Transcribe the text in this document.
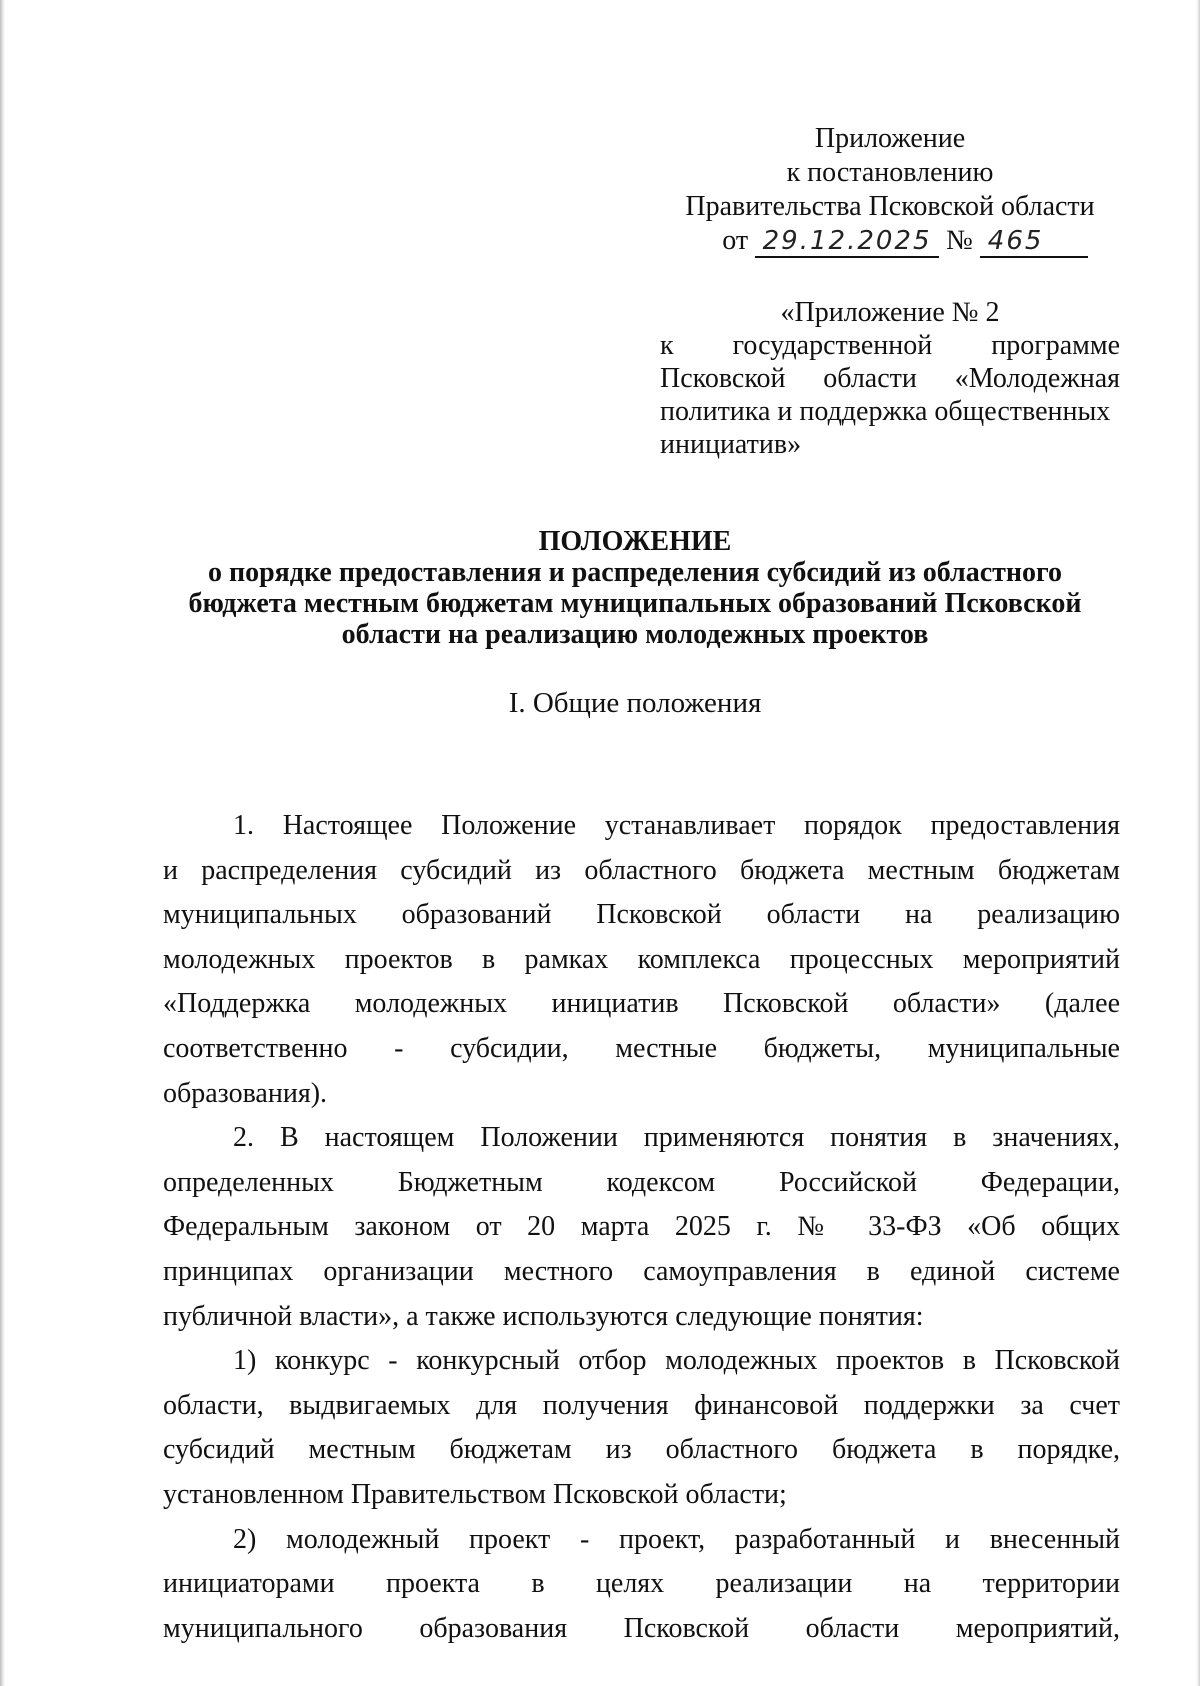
Приложение
к постановлению
Правительства Псковской области
от 29.12.2025 № 465
«Приложение № 2
к государственной программе
Псковской области «Молодежная
политика и поддержка общественных
инициатив»
ПОЛОЖЕНИЕ
о порядке предоставления и распределения субсидий из областного
бюджета местным бюджетам муниципальных образований Псковской
области на реализацию молодежных проектов
I. Общие положения
1. Настоящее Положение устанавливает порядок предоставления
и распределения субсидий из областного бюджета местным бюджетам
муниципальных образований Псковской области на реализацию
молодежных проектов в рамках комплекса процессных мероприятий
«Поддержка молодежных инициатив Псковской области» (далее
соответственно - субсидии, местные бюджеты, муниципальные
образования).
2. В настоящем Положении применяются понятия в значениях,
определенных Бюджетным кодексом Российской Федерации,
Федеральным законом от 20 марта 2025 г. № 33-ФЗ «Об общих
принципах организации местного самоуправления в единой системе
публичной власти», а также используются следующие понятия:
1) конкурс - конкурсный отбор молодежных проектов в Псковской
области, выдвигаемых для получения финансовой поддержки за счет
субсидий местным бюджетам из областного бюджета в порядке,
установленном Правительством Псковской области;
2) молодежный проект - проект, разработанный и внесенный
инициаторами проекта в целях реализации на территории
муниципального образования Псковской области мероприятий,
